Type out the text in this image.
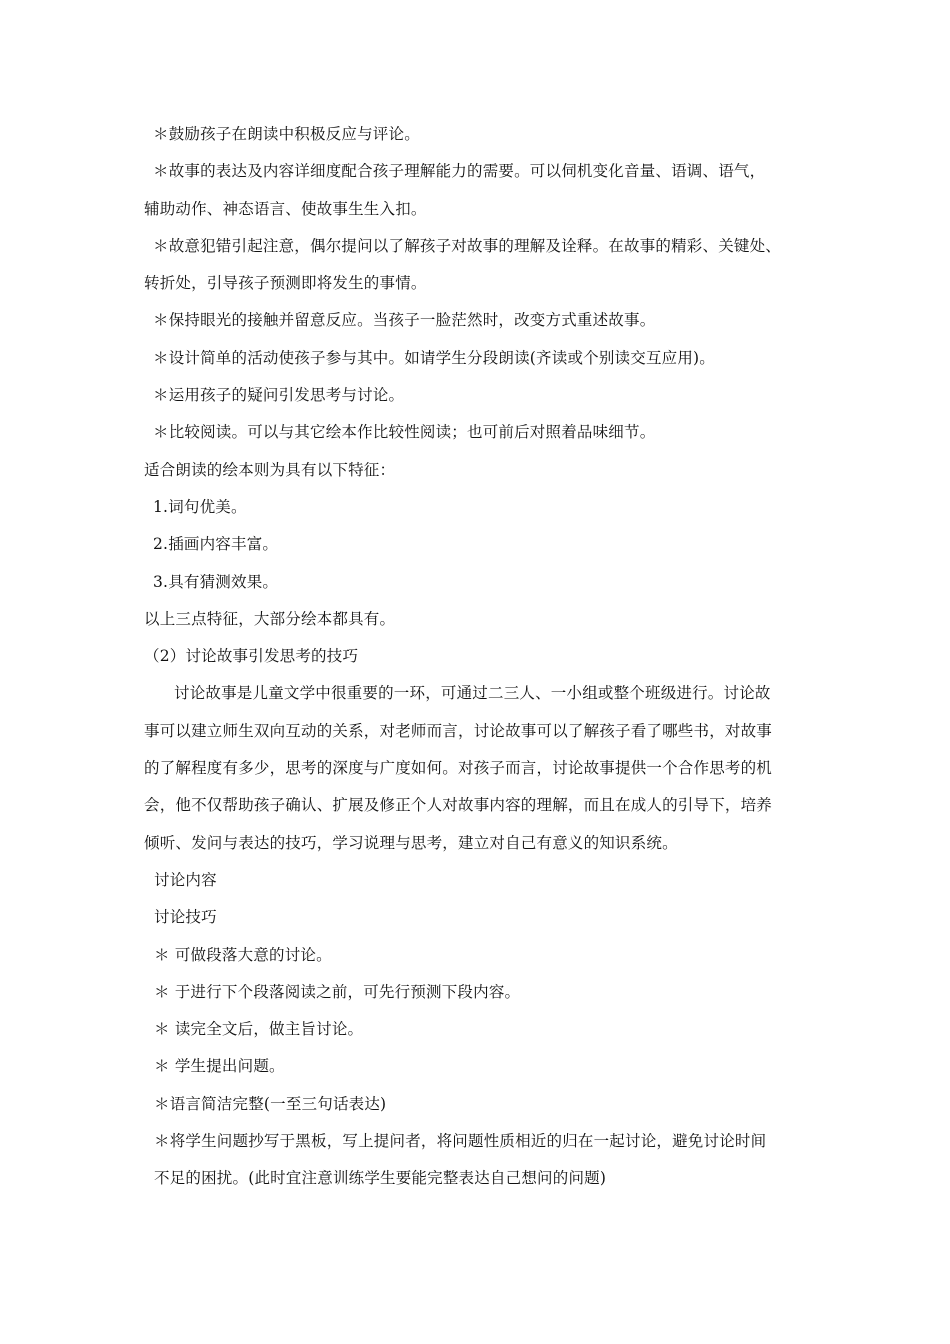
＊鼓励孩子在朗读中积极反应与评论。
＊故事的表达及内容详细度配合孩子理解能力的需要。可以伺机变化音量、语调、语气，
辅助动作、神态语言、使故事生生入扣。
＊故意犯错引起注意，偶尔提问以了解孩子对故事的理解及诠释。在故事的精彩、关键处、
转折处，引导孩子预测即将发生的事情。
＊保持眼光的接触并留意反应。当孩子一脸茫然时，改变方式重述故事。
＊设计简单的活动使孩子参与其中。如请学生分段朗读(齐读或个别读交互应用)。
＊运用孩子的疑问引发思考与讨论。
＊比较阅读。可以与其它绘本作比较性阅读；也可前后对照着品味细节。
适合朗读的绘本则为具有以下特征：
1.词句优美。
2.插画内容丰富。
3.具有猜测效果。
以上三点特征，大部分绘本都具有。
（2）讨论故事引发思考的技巧
讨论故事是儿童文学中很重要的一环，可通过二三人、一小组或整个班级进行。讨论故
事可以建立师生双向互动的关系，对老师而言，讨论故事可以了解孩子看了哪些书，对故事
的了解程度有多少，思考的深度与广度如何。对孩子而言，讨论故事提供一个合作思考的机
会，他不仅帮助孩子确认、扩展及修正个人对故事内容的理解，而且在成人的引导下，培养
倾听、发问与表达的技巧，学习说理与思考，建立对自己有意义的知识系统。
讨论内容
讨论技巧
＊ 可做段落大意的讨论。
＊ 于进行下个段落阅读之前，可先行预测下段内容。
＊ 读完全文后，做主旨讨论。
＊ 学生提出问题。
＊语言简洁完整(一至三句话表达)
＊将学生问题抄写于黑板，写上提问者，将问题性质相近的归在一起讨论，避免讨论时间
不足的困扰。(此时宜注意训练学生要能完整表达自己想问的问题)
